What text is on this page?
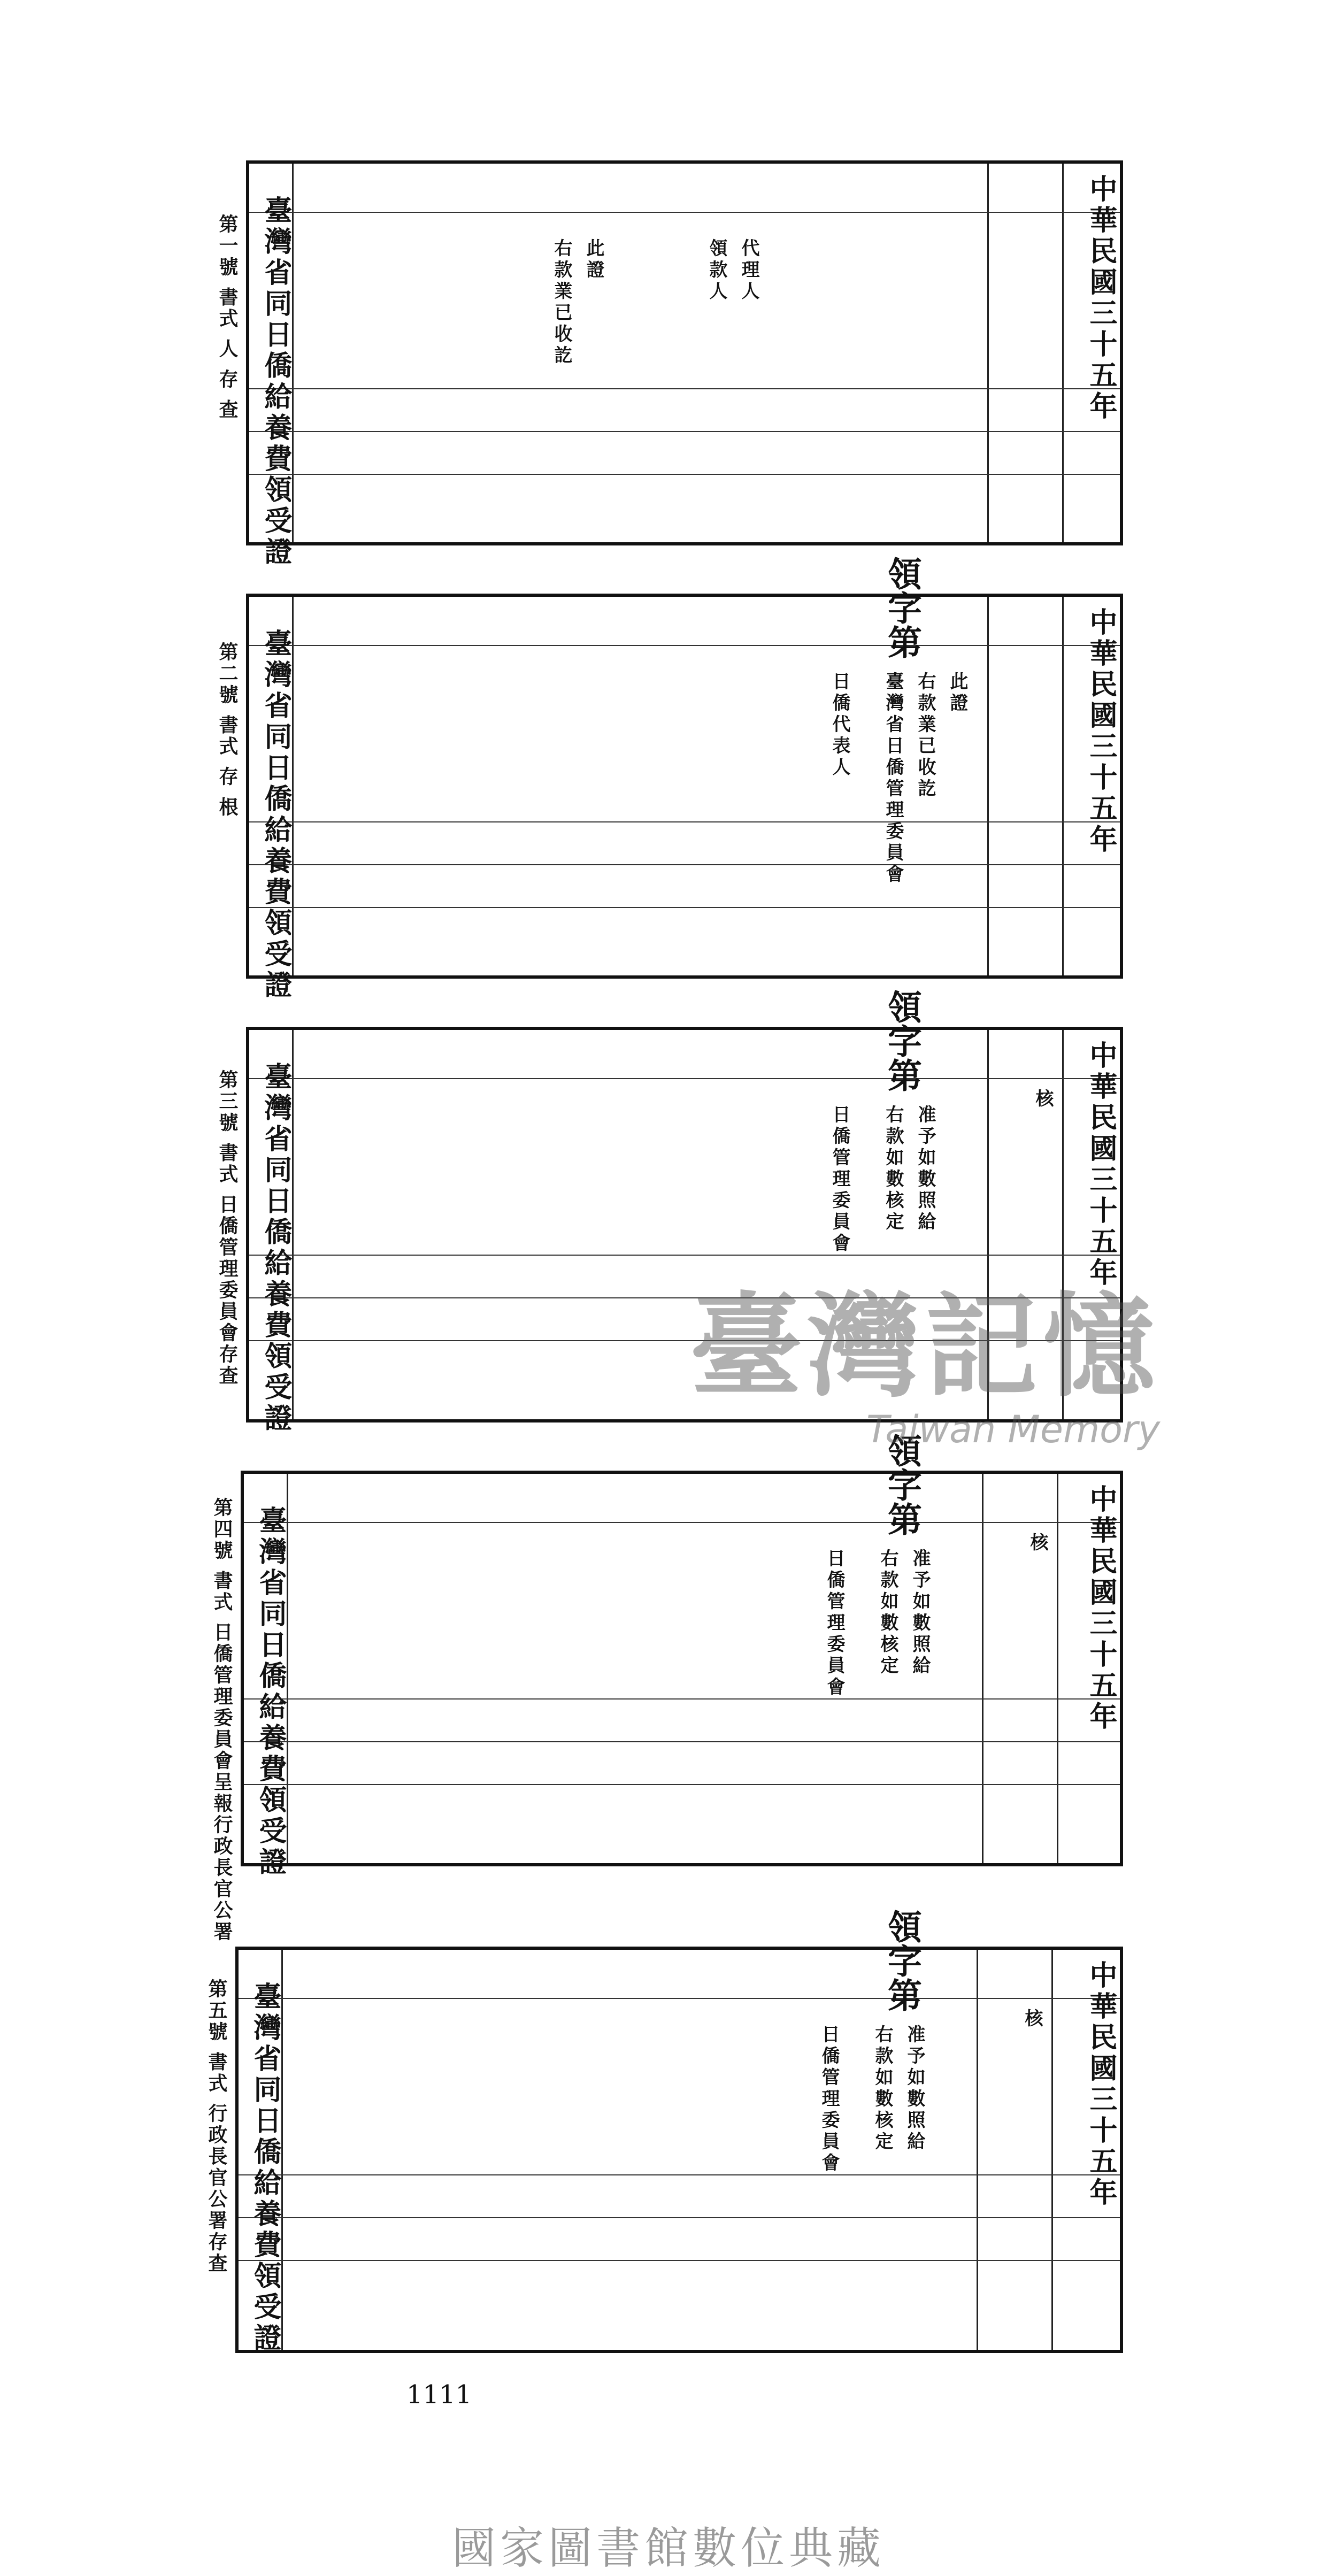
中華民國三十五年
臺灣省同日僑給養費領受證	右款業已收訖 此證	領款人 代理人
第一號 書式 人 存 查
中華民國三十五年
臺灣省同日僑給養費領受證	臺灣省日僑管理委員會 右款業已收訖 此證
日僑代表人
第二號 書式 存 根
領字第
中華民國三十五年
臺灣省同日僑給養費領受證	核
右款如數核定 准予如數照給
日僑管理委員會
第三號 書式 日僑管理委員會存查
領字第
中華民國三十五年
臺灣省同日僑給養費領受證	核
右款如數核定 准予如數照給
日僑管理委員會
第四號 書式 日僑管理委員會呈報行政長官公署
領字第
中華民國三十五年
臺灣省同日僑給養費領受證	核
右款如數核定 准予如數照給
日僑管理委員會
第五號 書式 行政長官公署存查
領字第
臺灣記憶
Taiwan Memory
1111
國家圖書館數位典藏
